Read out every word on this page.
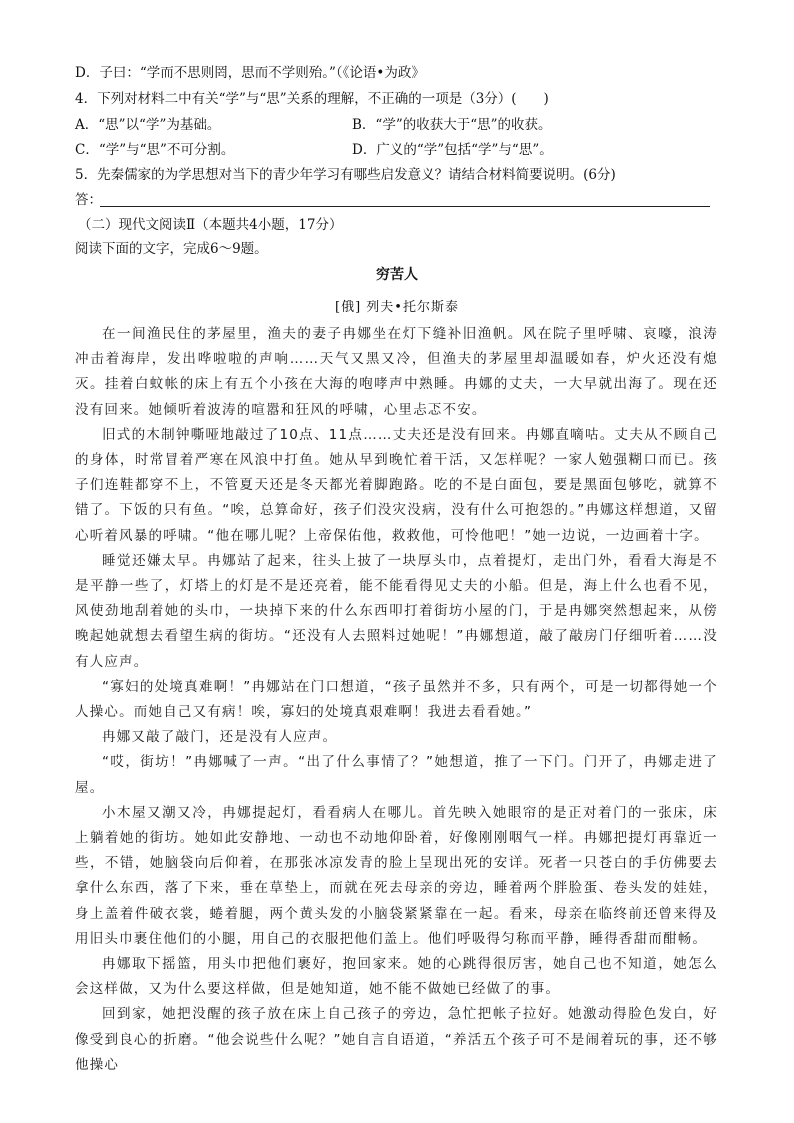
D．子曰：“学而不思则罔，思而不学则殆。”（《论语•为政》
4．下列对材料二中有关“学”与“思”关系的理解，不正确的一项是（3分）(　　)
A．“思”以“学”为基础。	B．“学”的收获大于“思”的收获。
C．“学”与“思”不可分割。	D．广义的“学”包括“学”与“思”。
5．先秦儒家的为学思想对当下的青少年学习有哪些启发意义？请结合材料简要说明。(6分)
答：
（二）现代文阅读Ⅱ（本题共4小题，17分）
阅读下面的文字，完成6～9题。
穷苦人
[俄] 列夫•托尔斯泰

在一间渔民住的茅屋里，渔夫的妻子冉娜坐在灯下缝补旧渔帆。风在院子里呼啸、哀嚎，浪涛冲击着海岸，发出哗啦啦的声响……天气又黑又冷，但渔夫的茅屋里却温暖如春，炉火还没有熄灭。挂着白蚊帐的床上有五个小孩在大海的咆哮声中熟睡。冉娜的丈夫，一大早就出海了。现在还没有回来。她倾听着波涛的喧嚣和狂风的呼啸，心里忐忑不安。

旧式的木制钟嘶哑地敲过了10点、11点……丈夫还是没有回来。冉娜直嘀咕。丈夫从不顾自己的身体，时常冒着严寒在风浪中打鱼。她从早到晚忙着干活，又怎样呢？一家人勉强糊口而已。孩子们连鞋都穿不上，不管夏天还是冬天都光着脚跑路。吃的不是白面包，要是黑面包够吃，就算不错了。下饭的只有鱼。“唉，总算命好，孩子们没灾没病，没有什么可抱怨的。”冉娜这样想道，又留心听着风暴的呼啸。“他在哪儿呢？上帝保佑他，救救他，可怜他吧！”她一边说，一边画着十字。

睡觉还嫌太早。冉娜站了起来，往头上披了一块厚头巾，点着提灯，走出门外，看看大海是不是平静一些了，灯塔上的灯是不是还亮着，能不能看得见丈夫的小船。但是，海上什么也看不见，风使劲地刮着她的头巾，一块掉下来的什么东西叩打着街坊小屋的门，于是冉娜突然想起来，从傍晚起她就想去看望生病的街坊。“还没有人去照料过她呢！”冉娜想道，敲了敲房门仔细听着……没有人应声。

“寡妇的处境真难啊！”冉娜站在门口想道，“孩子虽然并不多，只有两个，可是一切都得她一个人操心。而她自己又有病！唉，寡妇的处境真艰难啊！我进去看看她。”

冉娜又敲了敲门，还是没有人应声。

“哎，街坊！”冉娜喊了一声。“出了什么事情了？”她想道，推了一下门。门开了，冉娜走进了屋。

小木屋又潮又冷，冉娜提起灯，看看病人在哪儿。首先映入她眼帘的是正对着门的一张床，床上躺着她的街坊。她如此安静地、一动也不动地仰卧着，好像刚刚咽气一样。冉娜把提灯再靠近一些，不错，她脑袋向后仰着，在那张冰凉发青的脸上呈现出死的安详。死者一只苍白的手仿佛要去拿什么东西，落了下来，垂在草垫上，而就在死去母亲的旁边，睡着两个胖脸蛋、卷头发的娃娃，身上盖着件破衣裳，蜷着腿，两个黄头发的小脑袋紧紧靠在一起。看来，母亲在临终前还曾来得及用旧头巾裹住他们的小腿，用自己的衣服把他们盖上。他们呼吸得匀称而平静，睡得香甜而酣畅。

冉娜取下摇篮，用头巾把他们裹好，抱回家来。她的心跳得很厉害，她自己也不知道，她怎么会这样做，又为什么要这样做，但是她知道，她不能不做她已经做了的事。

回到家，她把没醒的孩子放在床上自己孩子的旁边，急忙把帐子拉好。她激动得脸色发白，好像受到良心的折磨。“他会说些什么呢？”她自言自语道，“养活五个孩子可不是闹着玩的事，还不够他操心
